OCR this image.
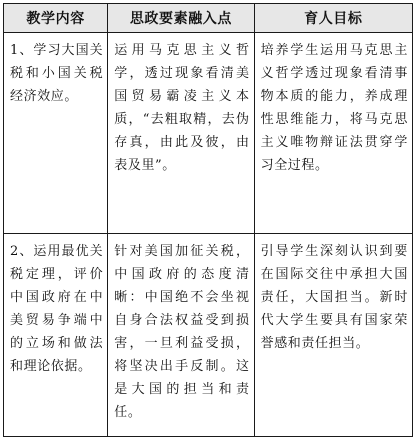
教学内容	思政要素融入点	育人目标
1、学习大国关税和小国关税经济效应。	运用马克思主义哲学，透过现象看清美国贸易霸凌主义本质，“去粗取精，去伪存真，由此及彼，由表及里”。	培养学生运用马克思主义哲学透过现象看清事物本质的能力，养成理性思维能力，将马克思主义唯物辩证法贯穿学习全过程。
2、运用最优关税定理，评价中国政府在中美贸易争端中的立场和做法和理论依据。	针对美国加征关税，中国政府的态度清晰：中国绝不会坐视自身合法权益受到损害，一旦利益受损，将坚决出手反制。这是大国的担当和责任。	引导学生深刻认识到要在国际交往中承担大国责任，大国担当。新时代大学生要具有国家荣誉感和责任担当。
